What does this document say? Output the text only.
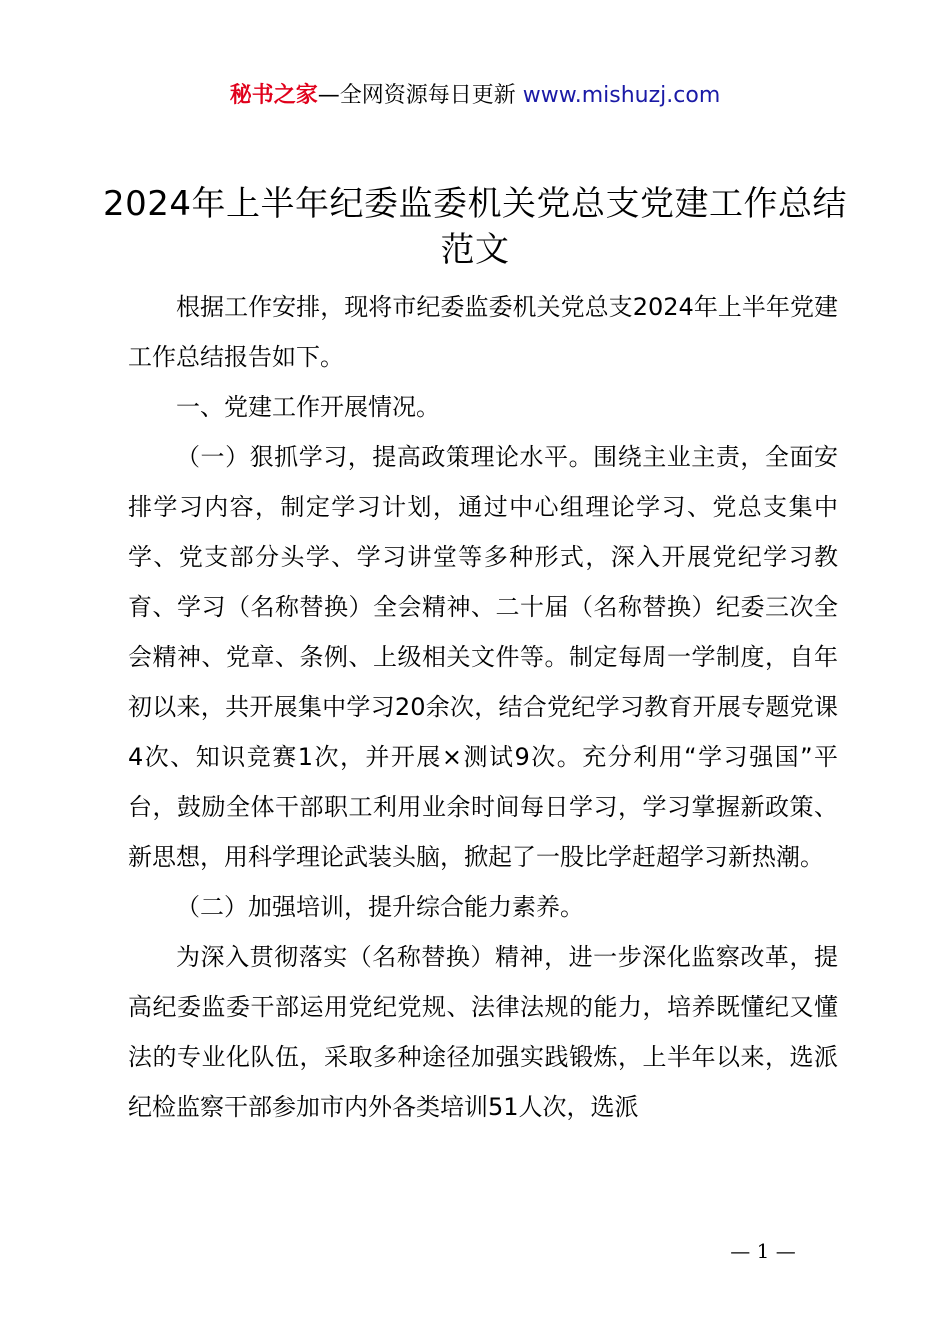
秘书之家—全网资源每日更新 www.mishuzj.com
2024年上半年纪委监委机关党总支党建工作总结范文

根据工作安排，现将市纪委监委机关党总支2024年上半年党建工作总结报告如下。

一、党建工作开展情况。

（一）狠抓学习，提高政策理论水平。围绕主业主责，全面安排学习内容，制定学习计划，通过中心组理论学习、党总支集中学、党支部分头学、学习讲堂等多种形式，深入开展党纪学习教育、学习（名称替换）全会精神、二十届（名称替换）纪委三次全会精神、党章、条例、上级相关文件等。制定每周一学制度，自年初以来，共开展集中学习20余次，结合党纪学习教育开展专题党课4次、知识竞赛1次，并开展×测试9次。充分利用“学习强国”平台，鼓励全体干部职工利用业余时间每日学习，学习掌握新政策、新思想，用科学理论武装头脑，掀起了一股比学赶超学习新热潮。

（二）加强培训，提升综合能力素养。

为深入贯彻落实（名称替换）精神，进一步深化监察改革，提高纪委监委干部运用党纪党规、法律法规的能力，培养既懂纪又懂法的专业化队伍，采取多种途径加强实践锻炼，上半年以来，选派纪检监察干部参加市内外各类培训51人次，选派

— 1 —
